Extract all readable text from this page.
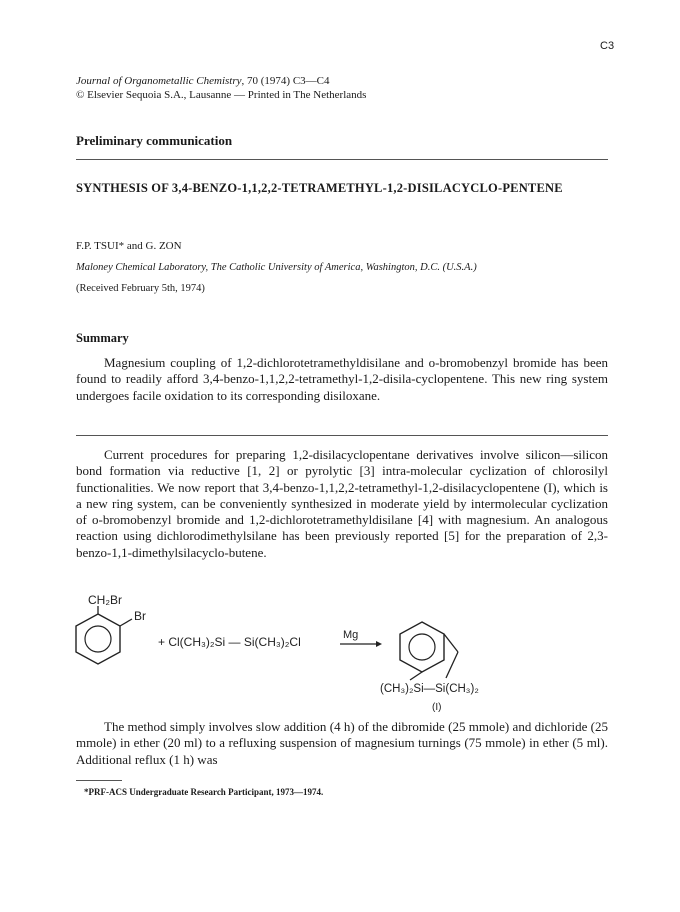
C3
Journal of Organometallic Chemistry, 70 (1974) C3—C4
© Elsevier Sequoia S.A., Lausanne — Printed in The Netherlands
Preliminary communication
SYNTHESIS OF 3,4-BENZO-1,1,2,2-TETRAMETHYL-1,2-DISILACYCLO-PENTENE
F.P. TSUI* and G. ZON
Maloney Chemical Laboratory, The Catholic University of America, Washington, D.C. (U.S.A.)
(Received February 5th, 1974)
Summary

Magnesium coupling of 1,2-dichlorotetramethyldisilane and o-bromobenzyl bromide has been found to readily afford 3,4-benzo-1,1,2,2-tetramethyl-1,2-disila-cyclopentene. This new ring system undergoes facile oxidation to its corresponding disiloxane.

Current procedures for preparing 1,2-disilacyclopentane derivatives involve silicon—silicon bond formation via reductive [1, 2] or pyrolytic [3] intra-molecular cyclization of chlorosilyl functionalities. We now report that 3,4-benzo-1,1,2,2-tetramethyl-1,2-disilacyclopentene (I), which is a new ring system, can be conveniently synthesized in moderate yield by intermolecular cyclization of o-bromobenzyl bromide and 1,2-dichlorotetramethyldisilane [4] with magnesium. An analogous reaction using dichlorodimethylsilane has been previously reported [5] for the preparation of 2,3-benzo-1,1-dimethylsilacyclo-butene.

CH₂Br
Br
+ Cl(CH₃)₂Si — Si(CH₃)₂Cl	Mg
(CH₃)₂Si—Si(CH₃)₂
(I)

The method simply involves slow addition (4 h) of the dibromide (25 mmole) and dichloride (25 mmole) in ether (20 ml) to a refluxing suspension of magnesium turnings (75 mmole) in ether (5 ml). Additional reflux (1 h) was

*PRF-ACS Undergraduate Research Participant, 1973—1974.
